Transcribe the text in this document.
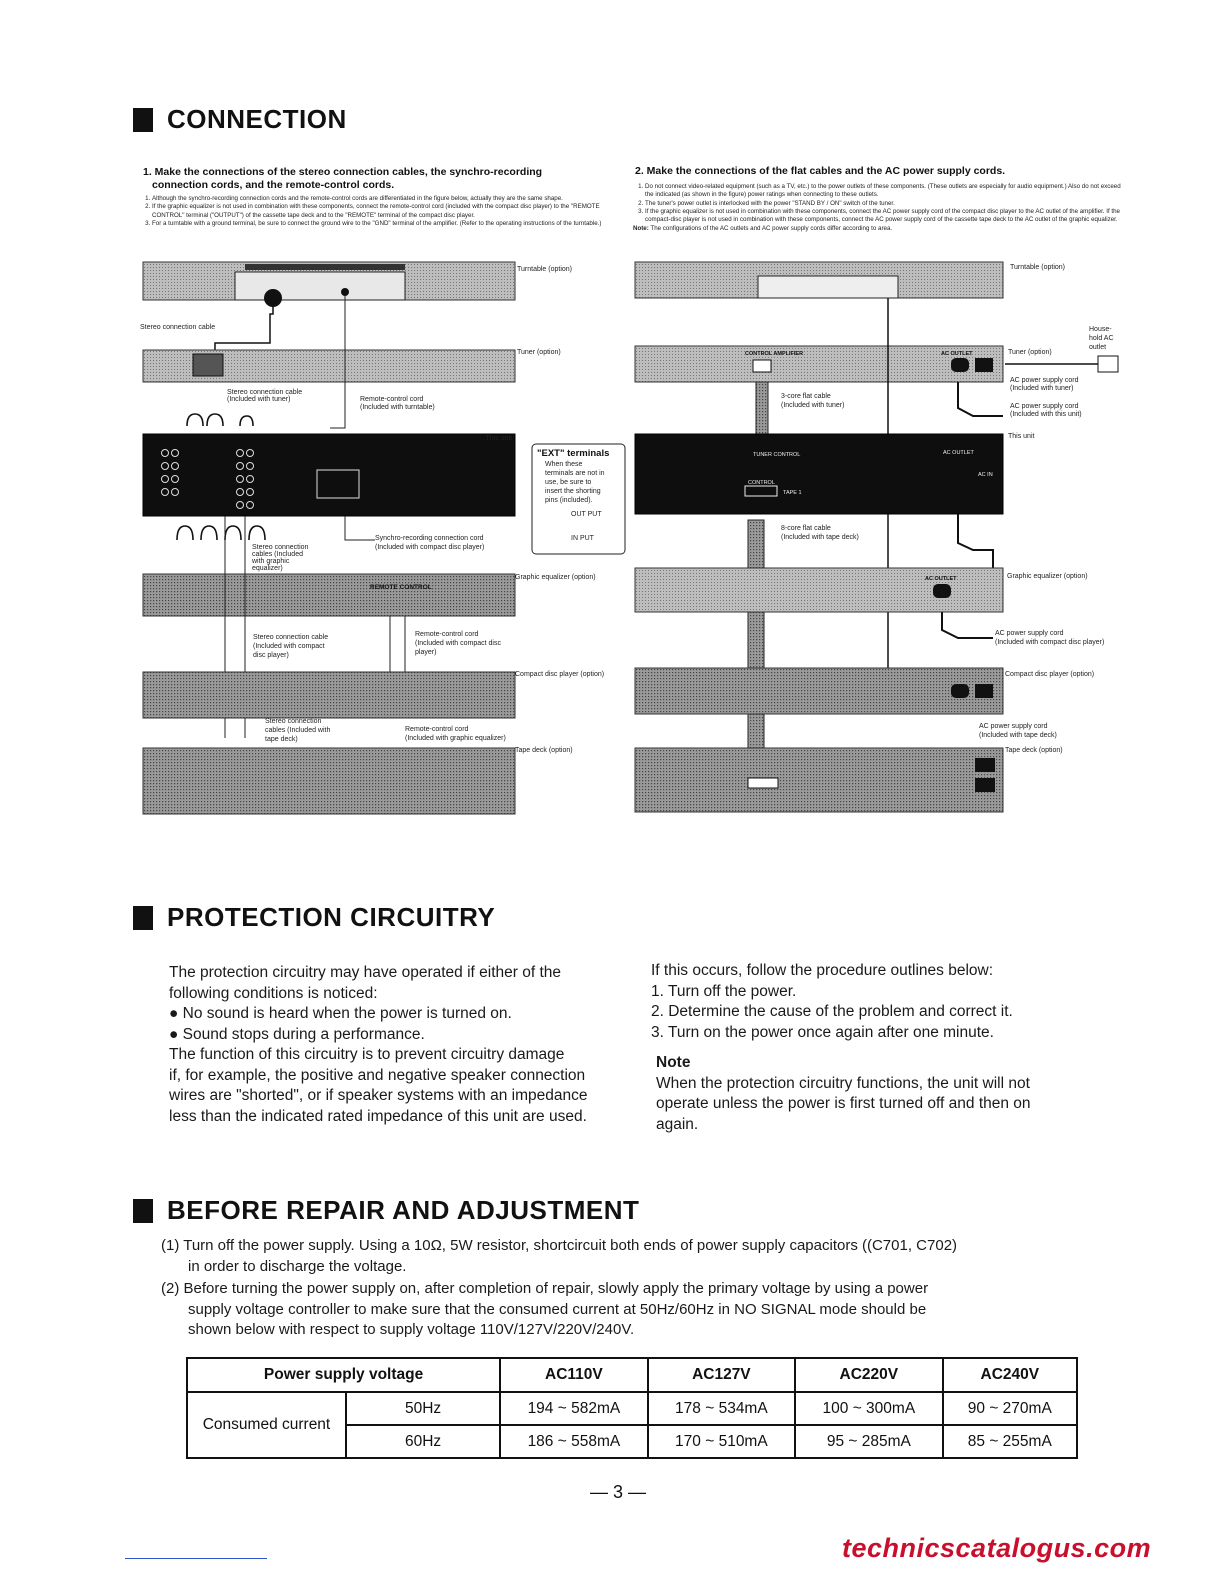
CONNECTION
1. Make the connections of the stereo connection cables, the synchro-recording
connection cords, and the remote-control cords.
1. Although the synchro-recording connection cords and the remote-control cords are differentiated in the figure below, actually they are the same shape.
2. If the graphic equalizer is not used in combination with these components, connect the remote-control cord (included with the compact disc player) to the "REMOTE CONTROL" terminal ("OUTPUT") of the cassette tape deck and to the "REMOTE" terminal of the compact disc player.
3. For a turntable with a ground terminal, be sure to connect the ground wire to the "GND" terminal of the amplifier. (Refer to the operating instructions of the turntable.)
2. Make the connections of the flat cables and the AC power supply cords.
1. Do not connect video-related equipment (such as a TV, etc.) to the power outlets of these components. (These outlets are especially for audio equipment.) Also do not exceed the indicated (as shown in the figure) power ratings when connecting to these outlets.
2. The tuner's power outlet is interlocked with the power "STAND BY / ON" switch of the tuner.
3. If the graphic equalizer is not used in combination with these components, connect the AC power supply cord of the compact disc player to the AC outlet of the amplifier. If the compact-disc player is not used in combination with these components, connect the AC power supply cord of the cassette tape deck to the AC outlet of the graphic equalizer.
Note: The configurations of the AC outlets and AC power supply cords differ according to area.
Turntable (option)
Stereo connection cable
Tuner (option)
Stereo connection cable
(Included with tuner)	Remote-control cord
(Included with turntable)
This unit
"EXT" terminals
When these
terminals are not in
use, be sure to
insert the shorting
pins (included).
OUT PUT
IN PUT
Synchro-recording connection cord
(Included with compact disc player)
Stereo connection
cables (Included
with graphic
equalizer)
REMOTE CONTROL
Graphic equalizer (option)
Stereo connection cable
(Included with compact
disc player)
Remote-control cord
(Included with compact disc
player)
Compact disc player (option)
Stereo connection
cables (Included with
tape deck)
Remote-control cord
(Included with graphic equalizer)
Tape deck (option)
Turntable (option)
House-
hold AC
outlet
CONTROL AMPLIFIER	AC OUTLET	Tuner (option)
AC power supply cord
(Included with tuner)
3-core flat cable
(Included with tuner)	AC power supply cord
(Included with this unit)
This unit
TUNER CONTROL	AC OUTLET
AC IN
CONTROL
TAPE 1
8-core flat cable
(Included with tape deck)
AC OUTLET	Graphic equalizer (option)
AC power supply cord
(Included with compact disc player)
Compact disc player (option)
AC power supply cord
(Included with tape deck)
Tape deck (option)
PROTECTION CIRCUITRY

The protection circuitry may have operated if either of the

following conditions is noticed:

● No sound is heard when the power is turned on.

● Sound stops during a performance.

The function of this circuitry is to prevent circuitry damage

if, for example, the positive and negative speaker connection

wires are "shorted", or if speaker systems with an impedance

less than the indicated rated impedance of this unit are used.

If this occurs, follow the procedure outlines below:

1. Turn off the power.

2. Determine the cause of the problem and correct it.

3. Turn on the power once again after one minute.

Note

When the protection circuitry functions, the unit will not

operate unless the power is first turned off and then on

again.

BEFORE REPAIR AND ADJUSTMENT

(1) Turn off the power supply. Using a 10Ω, 5W resistor, shortcircuit both ends of power supply capacitors ((C701, C702)

in order to discharge the voltage.

(2) Before turning the power supply on, after completion of repair, slowly apply the primary voltage by using a power

supply voltage controller to make sure that the consumed current at 50Hz/60Hz in NO SIGNAL mode should be

shown below with respect to supply voltage 110V/127V/220V/240V.

Power supply voltage		AC110V	AC127V	AC220V	AC240V
Consumed current	50Hz	194 ~ 582mA	178 ~ 534mA	100 ~ 300mA	90 ~ 270mA
	60Hz	186 ~ 558mA	170 ~ 510mA	95 ~ 285mA	85 ~ 255mA
— 3 —
technicscatalogus.com
